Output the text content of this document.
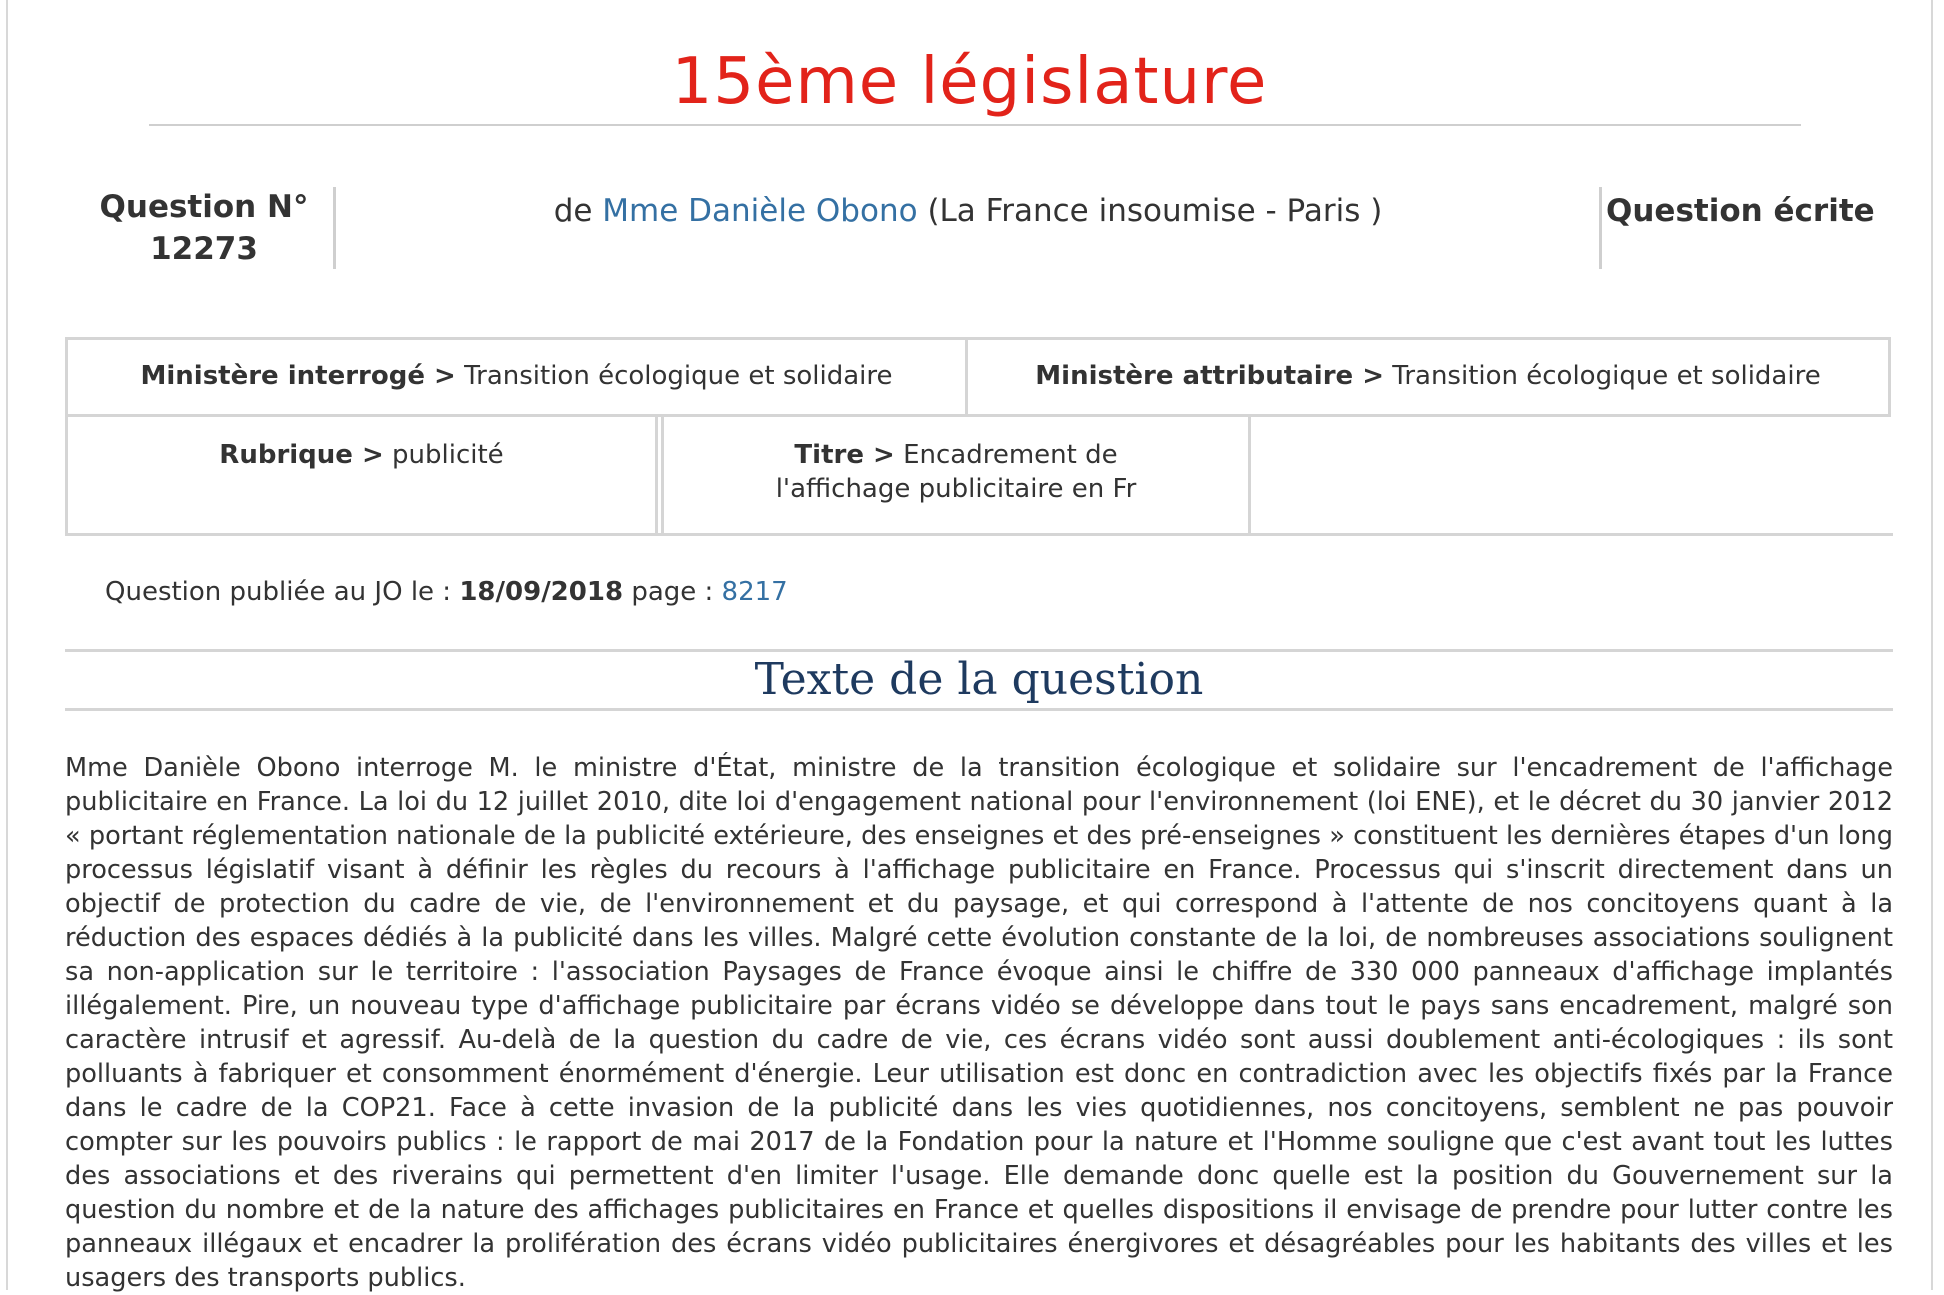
15ème législature
Question N°
12273
de Mme Danièle Obono (La France insoumise - Paris )	Question écrite
Ministère interrogé > Transition écologique et solidaire	Ministère attributaire > Transition écologique et solidaire
Rubrique > publicité	Titre > Encadrement de l'affichage publicitaire en Fr
Question publiée au JO le : 18/09/2018 page : 8217
Texte de la question

Mme Danièle Obono interroge M. le ministre d'État, ministre de la transition écologique et solidaire sur l'encadrement de l'affichage publicitaire en France. La loi du 12 juillet 2010, dite loi d'engagement national pour l'environnement (loi ENE), et le décret du 30 janvier 2012 « portant réglementation nationale de la publicité extérieure, des enseignes et des pré-enseignes » constituent les dernières étapes d'un long processus législatif visant à définir les règles du recours à l'affichage publicitaire en France. Processus qui s'inscrit directement dans un objectif de protection du cadre de vie, de l'environnement et du paysage, et qui correspond à l'attente de nos concitoyens quant à la réduction des espaces dédiés à la publicité dans les villes. Malgré cette évolution constante de la loi, de nombreuses associations soulignent sa non-application sur le territoire : l'association Paysages de France évoque ainsi le chiffre de 330 000 panneaux d'affichage implantés illégalement. Pire, un nouveau type d'affichage publicitaire par écrans vidéo se développe dans tout le pays sans encadrement, malgré son caractère intrusif et agressif. Au-delà de la question du cadre de vie, ces écrans vidéo sont aussi doublement anti-écologiques : ils sont polluants à fabriquer et consomment énormément d'énergie. Leur utilisation est donc en contradiction avec les objectifs fixés par la France dans le cadre de la COP21. Face à cette invasion de la publicité dans les vies quotidiennes, nos concitoyens, semblent ne pas pouvoir compter sur les pouvoirs publics : le rapport de mai 2017 de la Fondation pour la nature et l'Homme souligne que c'est avant tout les luttes des associations et des riverains qui permettent d'en limiter l'usage. Elle demande donc quelle est la position du Gouvernement sur la question du nombre et de la nature des affichages publicitaires en France et quelles dispositions il envisage de prendre pour lutter contre les panneaux illégaux et encadrer la prolifération des écrans vidéo publicitaires énergivores et désagréables pour les habitants des villes et les usagers des transports publics.
